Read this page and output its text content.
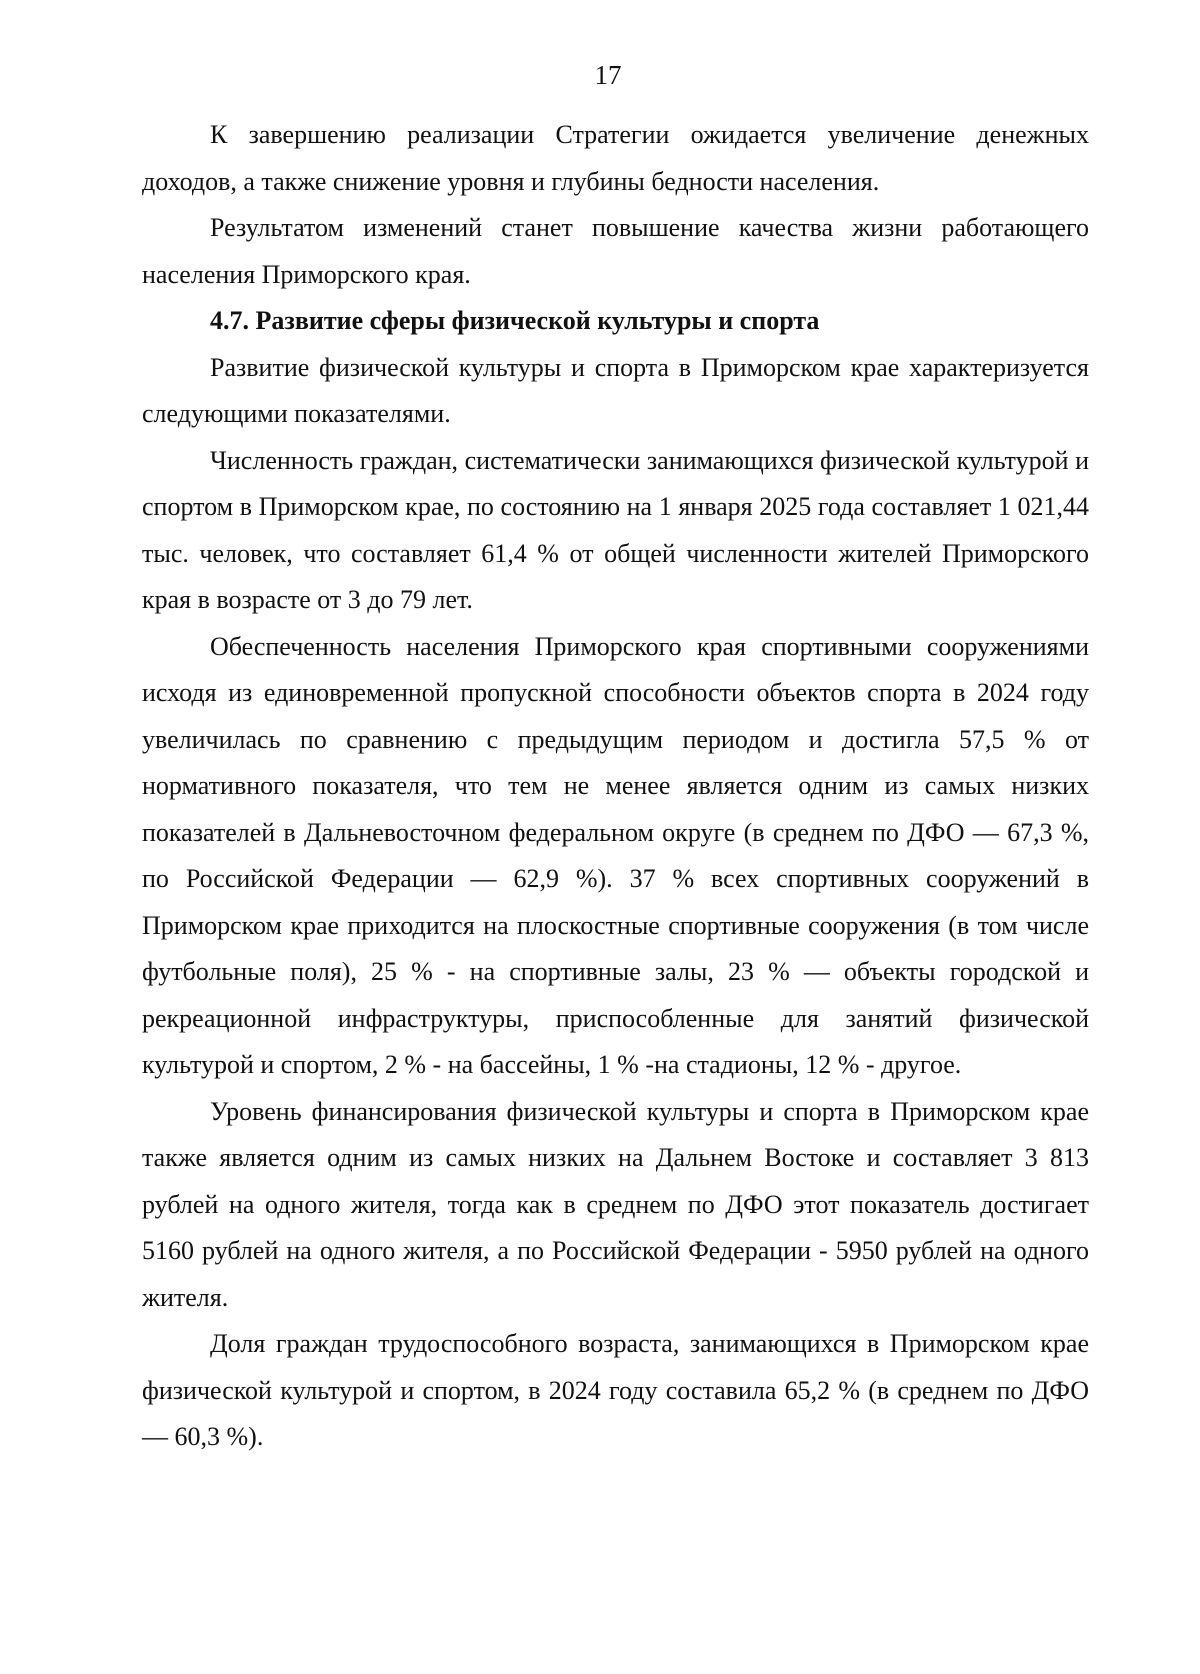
17

К завершению реализации Стратегии ожидается увеличение денежных доходов, а также снижение уровня и глубины бедности населения.

Результатом изменений станет повышение качества жизни работающего населения Приморского края.

4.7. Развитие сферы физической культуры и спорта

Развитие физической культуры и спорта в Приморском крае характеризуется следующими показателями.

Численность граждан, систематически занимающихся физической культурой и спортом в Приморском крае, по состоянию на 1 января 2025 года составляет 1 021,44 тыс. человек, что составляет 61,4 % от общей численности жителей Приморского края в возрасте от 3 до 79 лет.

Обеспеченность населения Приморского края спортивными сооружениями исходя из единовременной пропускной способности объектов спорта в 2024 году увеличилась по сравнению с предыдущим периодом и достигла 57,5 % от нормативного показателя, что тем не менее является одним из самых низких показателей в Дальневосточном федеральном округе (в среднем по ДФО — 67,3 %, по Российской Федерации — 62,9 %). 37 % всех спортивных сооружений в Приморском крае приходится на плоскостные спортивные сооружения (в том числе футбольные поля), 25 % - на спортивные залы, 23 % — объекты городской и рекреационной инфраструктуры, приспособленные для занятий физической культурой и спортом, 2 % - на бассейны, 1 % -на стадионы, 12 % - другое.

Уровень финансирования физической культуры и спорта в Приморском крае также является одним из самых низких на Дальнем Востоке и составляет 3 813 рублей на одного жителя, тогда как в среднем по ДФО этот показатель достигает 5160 рублей на одного жителя, а по Российской Федерации - 5950 рублей на одного жителя.

Доля граждан трудоспособного возраста, занимающихся в Приморском крае физической культурой и спортом, в 2024 году составила 65,2 % (в среднем по ДФО — 60,3 %).
